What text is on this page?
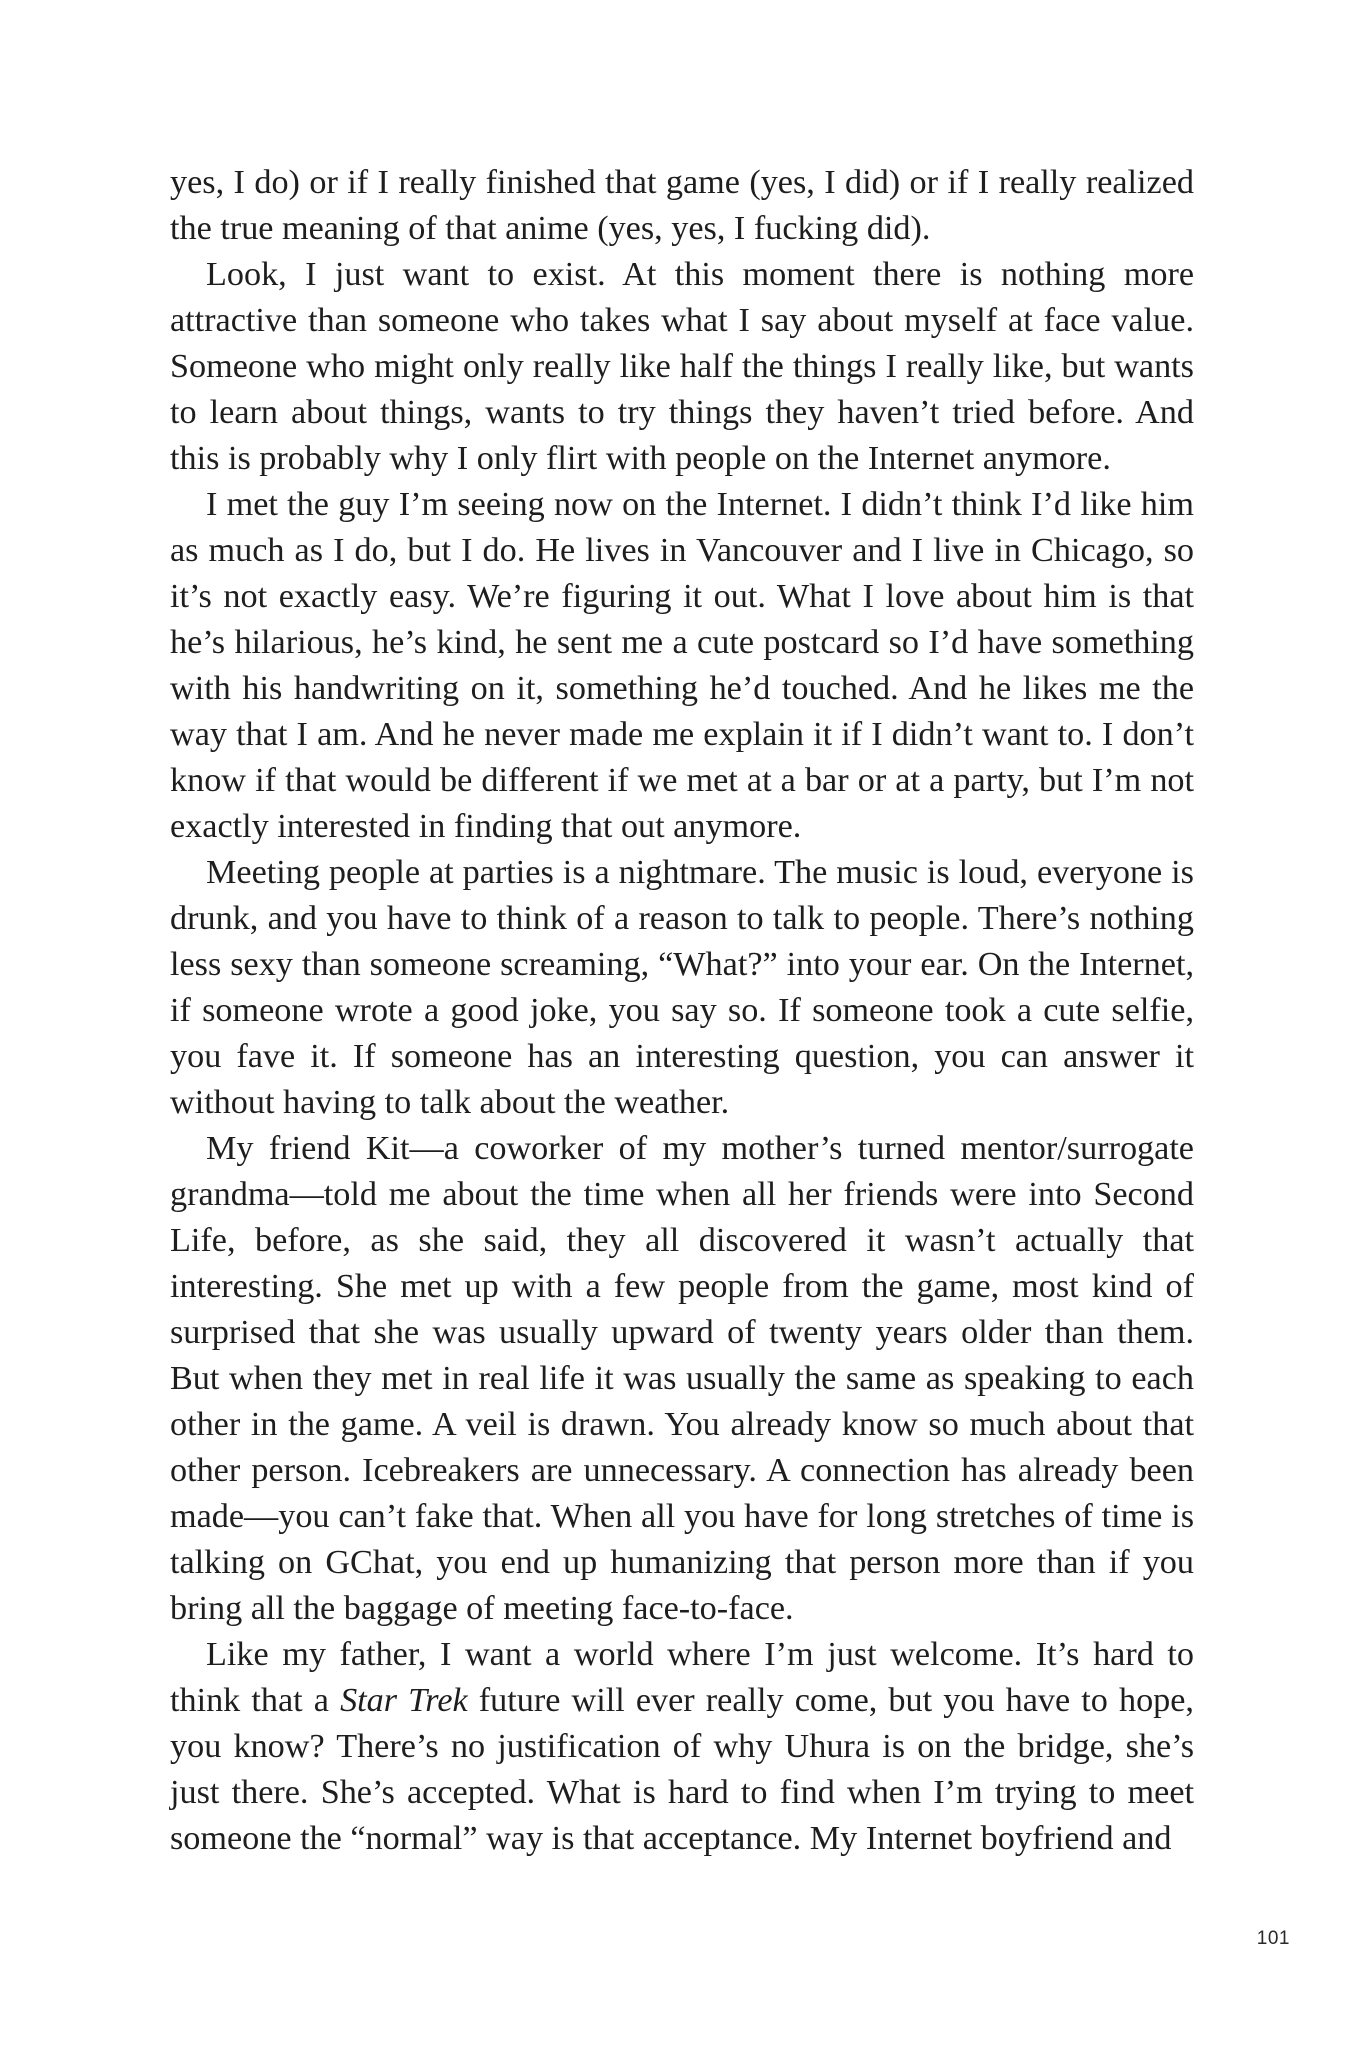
yes, I do) or if I really finished that game (yes, I did) or if I really realized the true meaning of that anime (yes, yes, I fucking did).

Look, I just want to exist. At this moment there is nothing more attractive than someone who takes what I say about myself at face value. Someone who might only really like half the things I really like, but wants to learn about things, wants to try things they haven’t tried before. And this is probably why I only flirt with people on the Internet anymore.

I met the guy I’m seeing now on the Internet. I didn’t think I’d like him as much as I do, but I do. He lives in Vancouver and I live in Chicago, so it’s not exactly easy. We’re figuring it out. What I love about him is that he’s hilarious, he’s kind, he sent me a cute postcard so I’d have something with his handwriting on it, something he’d touched. And he likes me the way that I am. And he never made me explain it if I didn’t want to. I don’t know if that would be different if we met at a bar or at a party, but I’m not exactly interested in finding that out anymore.

Meeting people at parties is a nightmare. The music is loud, everyone is drunk, and you have to think of a reason to talk to people. There’s nothing less sexy than someone screaming, “What?” into your ear. On the Internet, if someone wrote a good joke, you say so. If someone took a cute selfie, you fave it. If someone has an interesting question, you can answer it without having to talk about the weather.

My friend Kit—a coworker of my mother’s turned mentor/surrogate grandma—told me about the time when all her friends were into Second Life, before, as she said, they all discovered it wasn’t actually that interesting. She met up with a few people from the game, most kind of surprised that she was usually upward of twenty years older than them. But when they met in real life it was usually the same as speaking to each other in the game. A veil is drawn. You already know so much about that other person. Icebreakers are unnecessary. A connection has already been made—you can’t fake that. When all you have for long stretches of time is talking on GChat, you end up humanizing that person more than if you bring all the baggage of meeting face-to-face.

Like my father, I want a world where I’m just welcome. It’s hard to think that a Star Trek future will ever really come, but you have to hope, you know? There’s no justification of why Uhura is on the bridge, she’s just there. She’s accepted. What is hard to find when I’m trying to meet someone the “normal” way is that acceptance. My Internet boyfriend and

101
